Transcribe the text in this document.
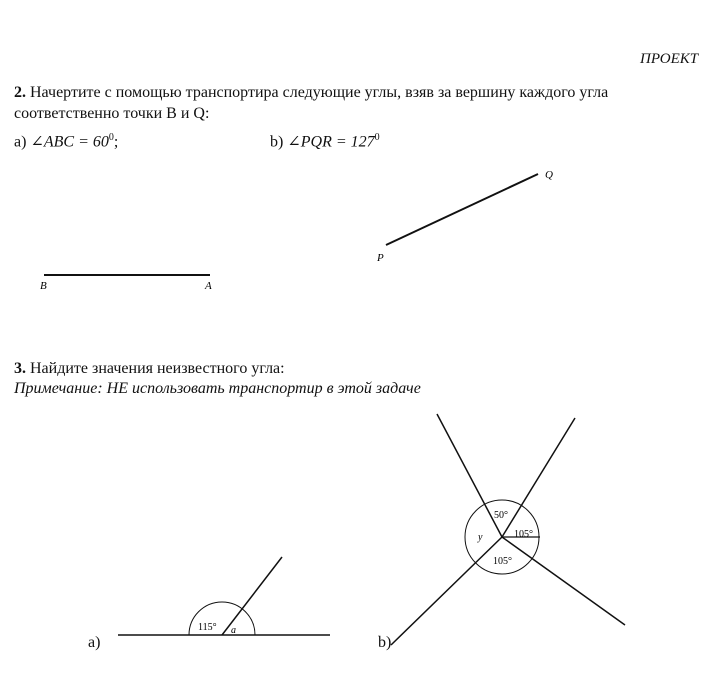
ПРОЕКТ
2. Начертите с помощью транспортира следующие углы, взяв за вершину каждого угла
соответственно точки B и Q:
a) ∠ABC = $60^0$;	b) ∠PQR = $127^0$
3. Найдите значения неизвестного угла:
Примечание: НЕ использовать транспортир в этой задаче
a)	b)
B	A
P
Q
115° a
50°
105°
105°
y
